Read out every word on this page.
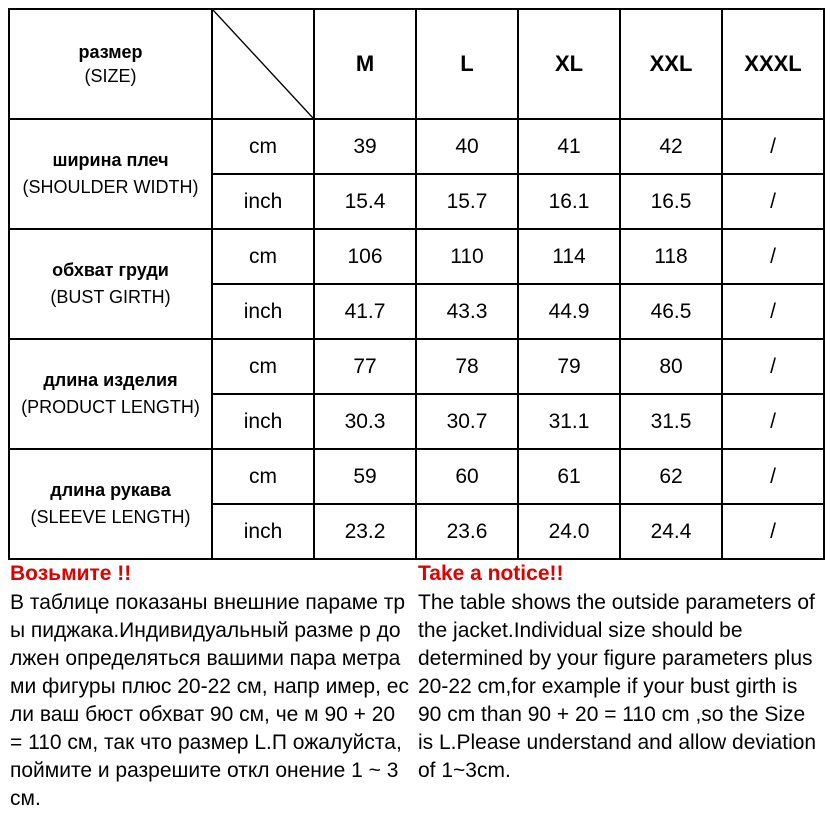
размер
(SIZE)		M	L	XL	XXL	XXXL

ширина плеч
(SHOULDER WIDTH)	cm	39	40	41	42	/
	inch	15.4	15.7	16.1	16.5	/

обхват груди
(BUST GIRTH)	cm	106	110	114	118	/
	inch	41.7	43.3	44.9	46.5	/

длина изделия
(PRODUCT LENGTH)	cm	77	78	79	80	/
	inch	30.3	30.7	31.1	31.5	/

длина рукава
(SLEEVE LENGTH)	cm	59	60	61	62	/
	inch	23.2	23.6	24.0	24.4	/
Возьмите !!
В таблице показаны внешние параме тры пиджака.Индивидуальный разме р должен определяться вашими пара метрами фигуры плюс 20-22 см, напр имер, если ваш бюст обхват 90 см, че м 90 + 20 = 110 см, так что размер L.П ожалуйста, поймите и разрешите откл онение 1 ~ 3 см.
Take a notice!!
The table shows the outside parameters of the jacket.Individual size should be determined by your figure parameters plus 20-22 cm,for example if your bust girth is 90 cm than 90 + 20 = 110 cm ,so the Size is L.Please understand and allow deviation of 1~3cm.
